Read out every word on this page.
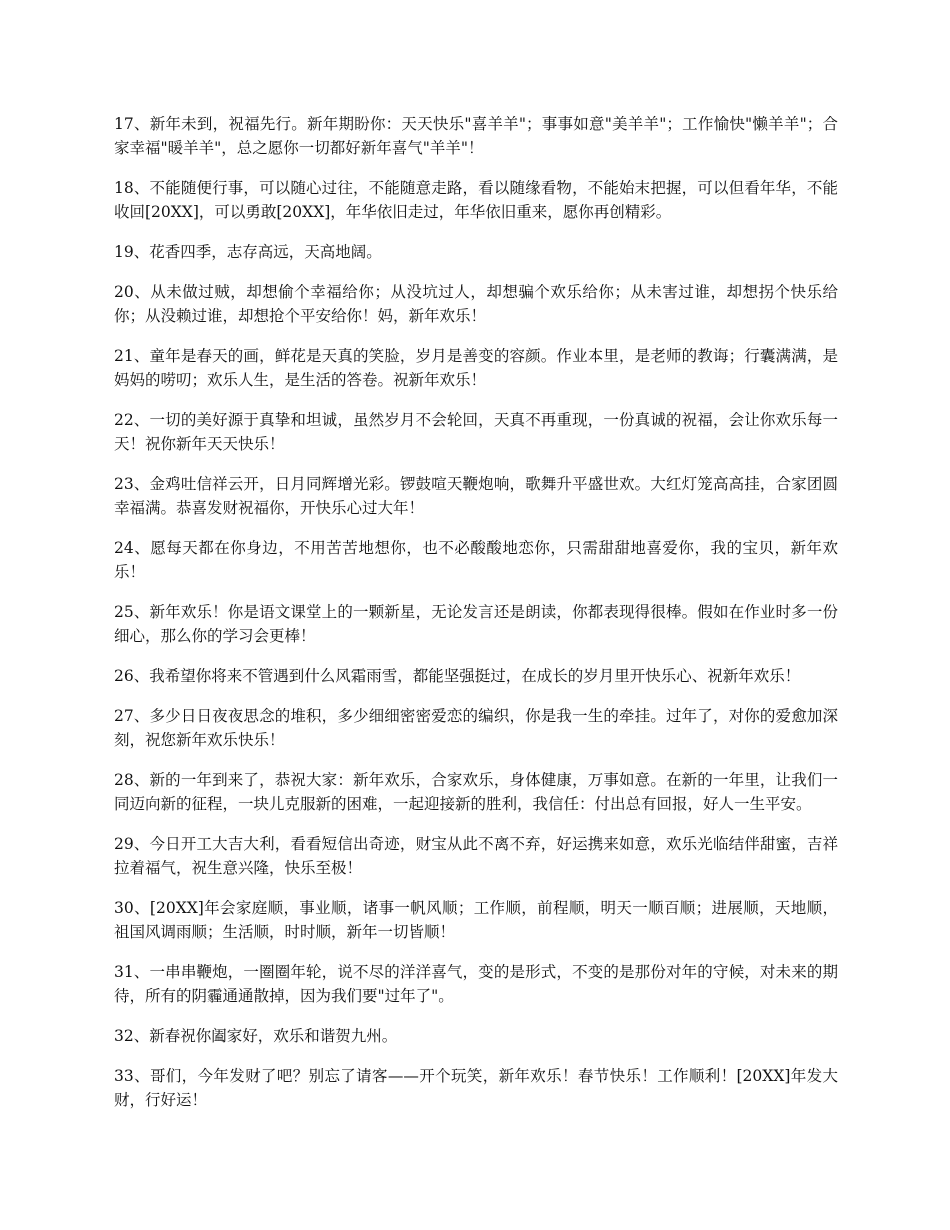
17、新年未到，祝福先行。新年期盼你：天天快乐"喜羊羊"；事事如意"美羊羊"；工作愉快"懒羊羊"；合家幸福"暖羊羊"，总之愿你一切都好新年喜气"羊羊"！

18、不能随便行事，可以随心过往，不能随意走路，看以随缘看物，不能始末把握，可以但看年华，不能收回[20XX]，可以勇敢[20XX]，年华依旧走过，年华依旧重来，愿你再创精彩。

19、花香四季，志存高远，天高地阔。

20、从未做过贼，却想偷个幸福给你；从没坑过人，却想骗个欢乐给你；从未害过谁，却想拐个快乐给你；从没赖过谁，却想抢个平安给你！妈，新年欢乐！

21、童年是春天的画，鲜花是天真的笑脸，岁月是善变的容颜。作业本里，是老师的教诲；行囊满满，是妈妈的唠叨；欢乐人生，是生活的答卷。祝新年欢乐！

22、一切的美好源于真挚和坦诚，虽然岁月不会轮回，天真不再重现，一份真诚的祝福，会让你欢乐每一天！祝你新年天天快乐！

23、金鸡吐信祥云开，日月同辉增光彩。锣鼓喧天鞭炮响，歌舞升平盛世欢。大红灯笼高高挂，合家团圆幸福满。恭喜发财祝福你，开快乐心过大年！

24、愿每天都在你身边，不用苦苦地想你，也不必酸酸地恋你，只需甜甜地喜爱你，我的宝贝，新年欢乐！

25、新年欢乐！你是语文课堂上的一颗新星，无论发言还是朗读，你都表现得很棒。假如在作业时多一份细心，那么你的学习会更棒！

26、我希望你将来不管遇到什么风霜雨雪，都能坚强挺过，在成长的岁月里开快乐心、祝新年欢乐！

27、多少日日夜夜思念的堆积，多少细细密密爱恋的编织，你是我一生的牵挂。过年了，对你的爱愈加深刻，祝您新年欢乐快乐！

28、新的一年到来了，恭祝大家：新年欢乐，合家欢乐，身体健康，万事如意。在新的一年里，让我们一同迈向新的征程，一块儿克服新的困难，一起迎接新的胜利，我信任：付出总有回报，好人一生平安。

29、今日开工大吉大利，看看短信出奇迹，财宝从此不离不弃，好运携来如意，欢乐光临结伴甜蜜，吉祥拉着福气，祝生意兴隆，快乐至极！

30、[20XX]年会家庭顺，事业顺，诸事一帆风顺；工作顺，前程顺，明天一顺百顺；进展顺，天地顺，祖国风调雨顺；生活顺，时时顺，新年一切皆顺！

31、一串串鞭炮，一圈圈年轮，说不尽的洋洋喜气，变的是形式，不变的是那份对年的守候，对未来的期待，所有的阴霾通通散掉，因为我们要"过年了"。

32、新春祝你阖家好，欢乐和谐贺九州。

33、哥们，今年发财了吧？别忘了请客——开个玩笑，新年欢乐！春节快乐！工作顺利！[20XX]年发大财，行好运！
